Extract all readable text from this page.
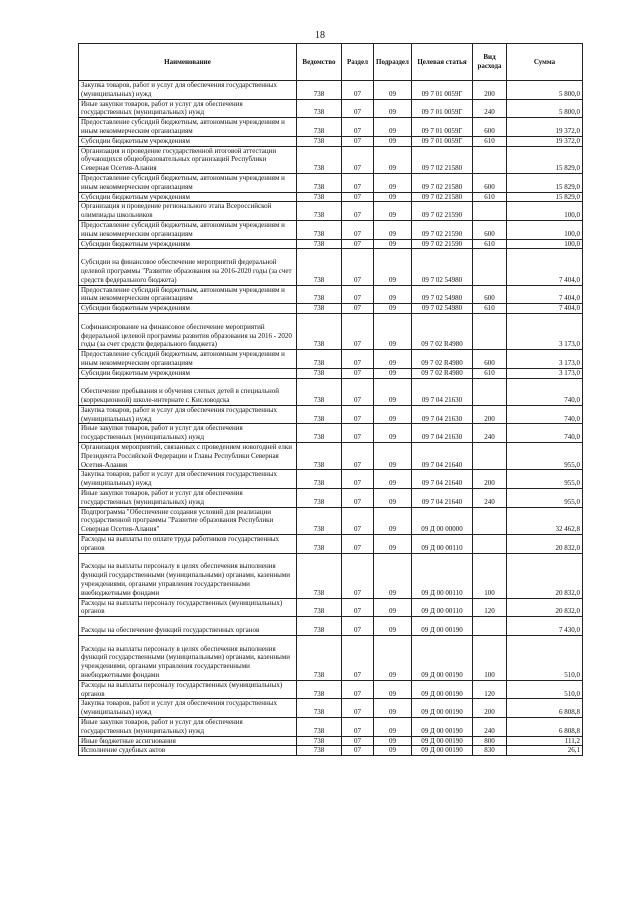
18
Наименование	Ведомство	Раздел	Подраздел	Целевая статья	Вид расхода	Сумма
Закупка товаров, работ и услуг для обеспечения государственных (муниципальных) нужд	738	07	09	09 7 01 0059Г	200	5 800,0
Иные закупки товаров, работ и услуг для обеспечения государственных (муниципальных) нужд	738	07	09	09 7 01 0059Г	240	5 800,0
Предоставление субсидий бюджетным, автономным учреждениям и иным некоммерческим организациям	738	07	09	09 7 01 0059Г	600	19 372,0
Субсидии бюджетным учреждениям	738	07	09	09 7 01 0059Г	610	19 372,0
Организация и проведение государственной итоговой аттестации обучающихся общеобразовательных организаций Республики Северная Осетия-Алания	738	07	09	09 7 02 21580		15 829,0
Предоставление субсидий бюджетным, автономным учреждениям и иным некоммерческим организациям	738	07	09	09 7 02 21580	600	15 829,0
Субсидии бюджетным учреждениям	738	07	09	09 7 02 21580	610	15 829,0
Организация и проведение регионального этапа Всероссийской олимпиады школьников	738	07	09	09 7 02 21590		100,0
Предоставление субсидий бюджетным, автономным учреждениям и иным некоммерческим организациям	738	07	09	09 7 02 21590	600	100,0
Субсидии бюджетным учреждениям	738	07	09	09 7 02 21590	610	100,0
Субсидии на финансовое обеспечение мероприятий федеральной целевой программы "Развитие образования на 2016-2020 годы (за счет средств федерального бюджета)	738	07	09	09 7 02 54980		7 404,0
Предоставление субсидий бюджетным, автономным учреждениям и иным некоммерческим организациям	738	07	09	09 7 02 54980	600	7 404,0
Субсидии бюджетным учреждениям	738	07	09	09 7 02 54980	610	7 404,0
Софинансирование на финансовое обеспечение мероприятий федеральной целевой программы развития образования на 2016 - 2020 годы (за счет средств федерального бюджета)	738	07	09	09 7 02 R4980		3 173,0
Предоставление субсидий бюджетным, автономным учреждениям и иным некоммерческим организациям	738	07	09	09 7 02 R4980	600	3 173,0
Субсидии бюджетным учреждениям	738	07	09	09 7 02 R4980	610	3 173,0
Обеспечение пребывания и обучения слепых детей в специальной (коррекционной) школе-интернате г. Кисловодска	738	07	09	09 7 04 21630		740,0
Закупка товаров, работ и услуг для обеспечения государственных (муниципальных) нужд	738	07	09	09 7 04 21630	200	740,0
Иные закупки товаров, работ и услуг для обеспечения государственных (муниципальных) нужд	738	07	09	09 7 04 21630	240	740,0
Организация мероприятий, связанных с проведением новогодней елки Президента Российской Федерации и Главы Республики Северная Осетия-Алания	738	07	09	09 7 04 21640		955,0
Закупка товаров, работ и услуг для обеспечения государственных (муниципальных) нужд	738	07	09	09 7 04 21640	200	955,0
Иные закупки товаров, работ и услуг для обеспечения государственных (муниципальных) нужд	738	07	09	09 7 04 21640	240	955,0
Подпрограмма "Обеспечение создания условий для реализации государственной программы "Развитие образования Республики Северная Осетия-Алания"	738	07	09	09 Д 00 00000		32 462,8
Расходы на выплаты по оплате труда работников государственных органов	738	07	09	09 Д 00 00110		20 832,0
Расходы на выплаты персоналу в целях обеспечения выполнения функций государственными (муниципальными) органами, казенными учреждениями, органами управления государственными внебюджетными фондами	738	07	09	09 Д 00 00110	100	20 832,0
Расходы на выплаты персоналу государственных (муниципальных) органов	738	07	09	09 Д 00 00110	120	20 832,0
Расходы на обеспечение функций государственных органов	738	07	09	09 Д 00 00190		7 430,0
Расходы на выплаты персоналу в целях обеспечения выполнения функций государственными (муниципальными) органами, казенными учреждениями, органами управления государственными внебюджетными фондами	738	07	09	09 Д 00 00190	100	510,0
Расходы на выплаты персоналу государственных (муниципальных) органов	738	07	09	09 Д 00 00190	120	510,0
Закупка товаров, работ и услуг для обеспечения государственных (муниципальных) нужд	738	07	09	09 Д 00 00190	200	6 808,8
Иные закупки товаров, работ и услуг для обеспечения государственных (муниципальных) нужд	738	07	09	09 Д 00 00190	240	6 808,8
Иные бюджетные ассигнования	738	07	09	09 Д 00 00190	800	111,2
Исполнение судебных актов	738	07	09	09 Д 00 00190	830	26,1
